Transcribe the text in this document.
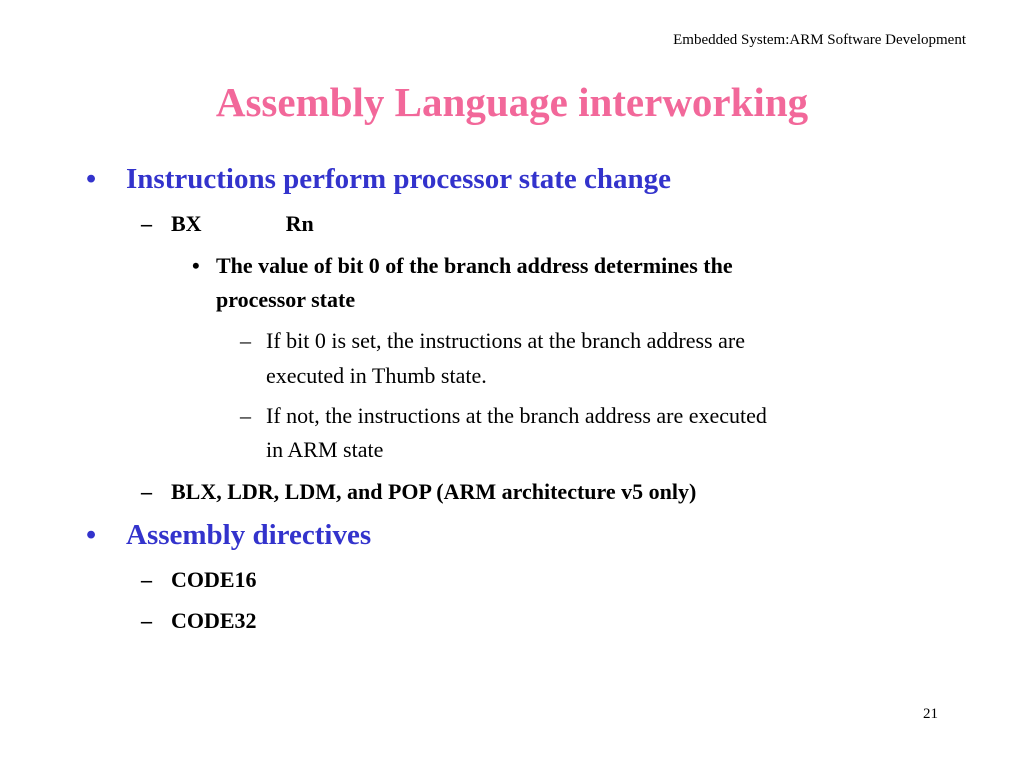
Embedded System:ARM Software Development
Assembly Language interworking
• Instructions perform processor state change
– BX	Rn
• The value of bit 0 of the branch address determines the
processor state
– If bit 0 is set, the instructions at the branch address are
executed in Thumb state.
– If not, the instructions at the branch address are executed
in ARM state
– BLX, LDR, LDM, and POP (ARM architecture v5 only)
• Assembly directives
– CODE16
– CODE32
21
